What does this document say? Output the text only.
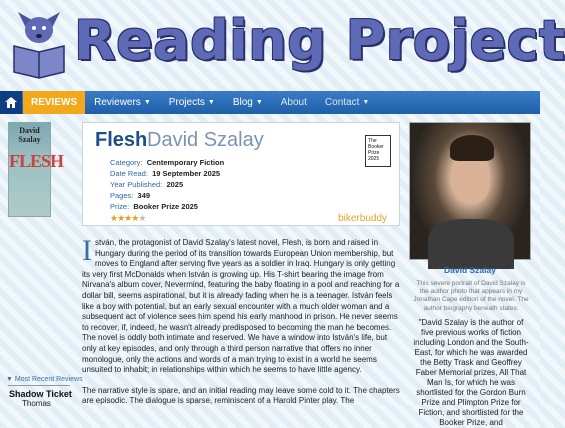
Reading Project
REVIEWS Reviewers ▼ Projects ▼ Blog ▼ About Contact ▼
David Szalay
FLESH
▼ Most Recent Reviews
Shadow Ticket
Thomas
Flesh David Szalay	The Booker Prize 2025
Category: Centemporary Fiction
Date Read: 19 September 2025
Year Published: 2025
Pages: 349
Prize: Booker Prize 2025
★★★★★	bikerbuddy

István, the protagonist of David Szalay's latest novel, Flesh, is born and raised in Hungary during the period of its transition towards European Union membership, but moves to England after serving five years as a soldier in Iraq. Hungary is only getting its very first McDonalds when István is growing up. His T-shirt bearing the image from Nirvana's album cover, Nevermind, featuring the baby floating in a pool and reaching for a dollar bill, seems aspirational, but it is already fading when he is a teenager. István feels like a boy with potential, but an early sexual encounter with a much older woman and a subsequent act of violence sees him spend his early manhood in prison. He never seems to recover, if, indeed, he wasn't already predisposed to becoming the man he becomes. The novel is oddly both intimate and reserved. We have a window into István's life, but only at key episodes, and only through a third person narrative that offers no inner monologue, only the actions and words of a man trying to exist in a world he seems unsuited to inhabit; in relationships within which he seems to have little agency.

The narrative style is spare, and an initial reading may leave some cold to it. The chapters are episodic. The dialogue is sparse, reminiscent of a Harold Pinter play. The

David Szalay
This severe portrait of David Szalay is the author photo that appears in my Jonathan Cape edition of the novel. The author biography beneath states:
"David Szalay is the author of five previous works of fiction including London and the South-East, for which he was awarded the Betty Trask and Geoffrey Faber Memorial prizes, All That Man Is, for which he was shortlisted for the Gordon Burn Prize and Plimpton Prize for Fiction, and shortlisted for the Booker Prize, and
